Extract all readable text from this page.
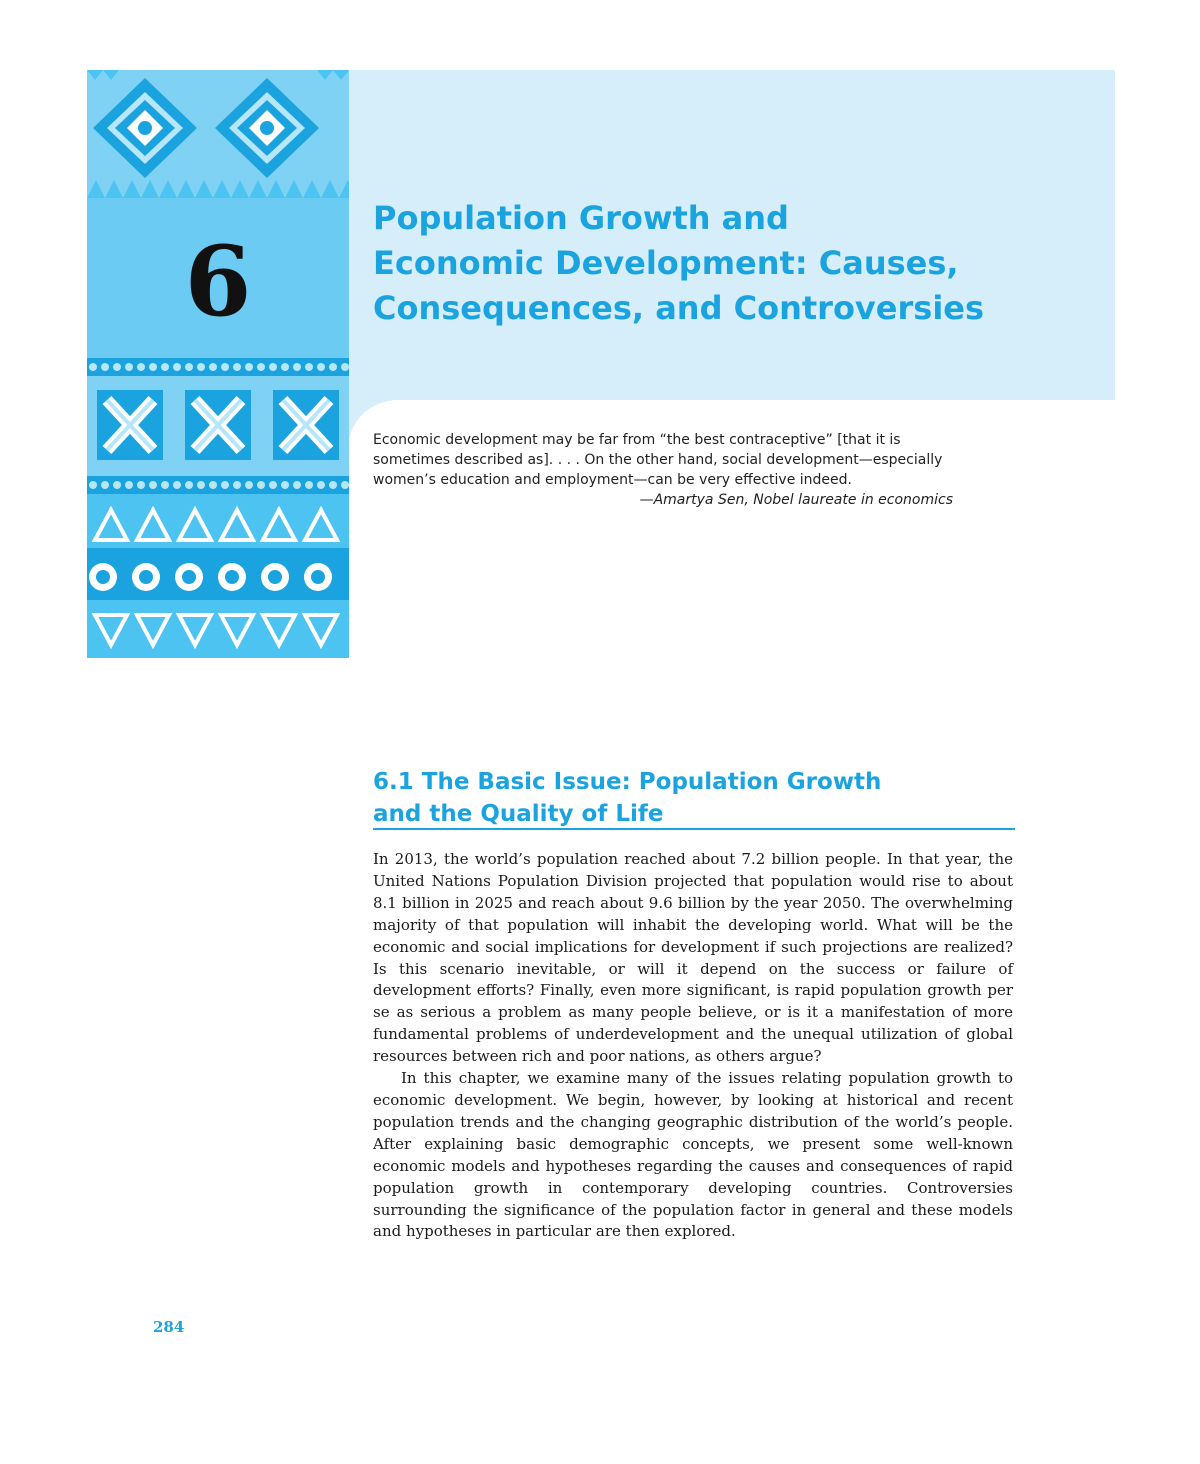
6
Population Growth and
Economic Development: Causes,
Consequences, and Controversies
Economic development may be far from “the best contraceptive” [that it is
sometimes described as]. . . . On the other hand, social development—especially
women’s education and employment—can be very effective indeed.
—Amartya Sen, Nobel laureate in economics
6.1 The Basic Issue: Population Growth
and the Quality of Life

In 2013, the world’s population reached about 7.2 billion people. In that year, the United Nations Population Division projected that population would rise to about 8.1 billion in 2025 and reach about 9.6 billion by the year 2050. The overwhelming majority of that population will inhabit the developing world. What will be the economic and social implications for development if such projections are realized? Is this scenario inevitable, or will it depend on the success or failure of development efforts? Finally, even more significant, is rapid population growth per se as serious a problem as many people believe, or is it a manifestation of more fundamental problems of underdevelopment and the unequal utilization of global resources between rich and poor nations, as others argue?

In this chapter, we examine many of the issues relating population growth to economic development. We begin, however, by looking at historical and recent population trends and the changing geographic distribution of the world’s people. After explaining basic demographic concepts, we present some well-known economic models and hypotheses regarding the causes and consequences of rapid population growth in contemporary developing countries. Controversies surrounding the significance of the population factor in general and these models and hypotheses in particular are then explored.

284
